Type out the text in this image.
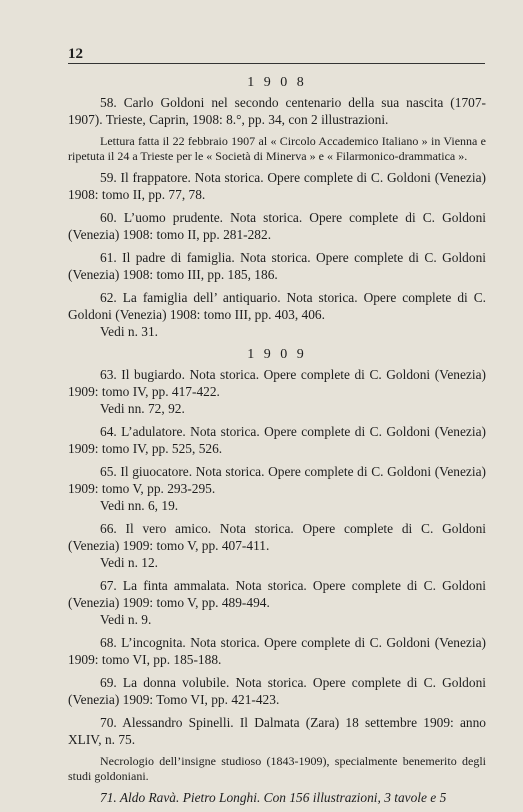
12
1 9 0 8

58. Carlo Goldoni nel secondo centenario della sua nascita (1707-1907). Trieste, Caprin, 1908: 8.°, pp. 34, con 2 illustrazioni.

Lettura fatta il 22 febbraio 1907 al « Circolo Accademico Italiano » in Vienna e ripetuta il 24 a Trieste per le « Società di Minerva » e « Filarmonico-drammatica ».

59. Il frappatore. Nota storica. Opere complete di C. Goldoni (Venezia) 1908: tomo II, pp. 77, 78.

60. L’uomo prudente. Nota storica. Opere complete di C. Goldoni (Venezia) 1908: tomo II, pp. 281-282.

61. Il padre di famiglia. Nota storica. Opere complete di C. Goldoni (Venezia) 1908: tomo III, pp. 185, 186.

62. La famiglia dell’ antiquario. Nota storica. Opere complete di C. Goldoni (Venezia) 1908: tomo III, pp. 403, 406.
Vedi n. 31.
1 9 0 9
63. Il bugiardo. Nota storica. Opere complete di C. Goldoni (Venezia) 1909: tomo IV, pp. 417-422.
Vedi nn. 72, 92.

64. L’adulatore. Nota storica. Opere complete di C. Goldoni (Venezia) 1909: tomo IV, pp. 525, 526.

65. Il giuocatore. Nota storica. Opere complete di C. Goldoni (Venezia) 1909: tomo V, pp. 293-295.
Vedi nn. 6, 19.
66. Il vero amico. Nota storica. Opere complete di C. Goldoni (Venezia) 1909: tomo V, pp. 407-411.
Vedi n. 12.
67. La finta ammalata. Nota storica. Opere complete di C. Goldoni (Venezia) 1909: tomo V, pp. 489-494.
Vedi n. 9.

68. L’incognita. Nota storica. Opere complete di C. Goldoni (Venezia) 1909: tomo VI, pp. 185-188.

69. La donna volubile. Nota storica. Opere complete di C. Goldoni (Venezia) 1909: Tomo VI, pp. 421-423.

70. Alessandro Spinelli. Il Dalmata (Zara) 18 settembre 1909: anno XLIV, n. 75.

Necrologio dell’insigne studioso (1843-1909), specialmente benemerito degli studi goldoniani.

71. Aldo Ravà. Pietro Longhi. Con 156 illustrazioni, 3 tavole e 5
